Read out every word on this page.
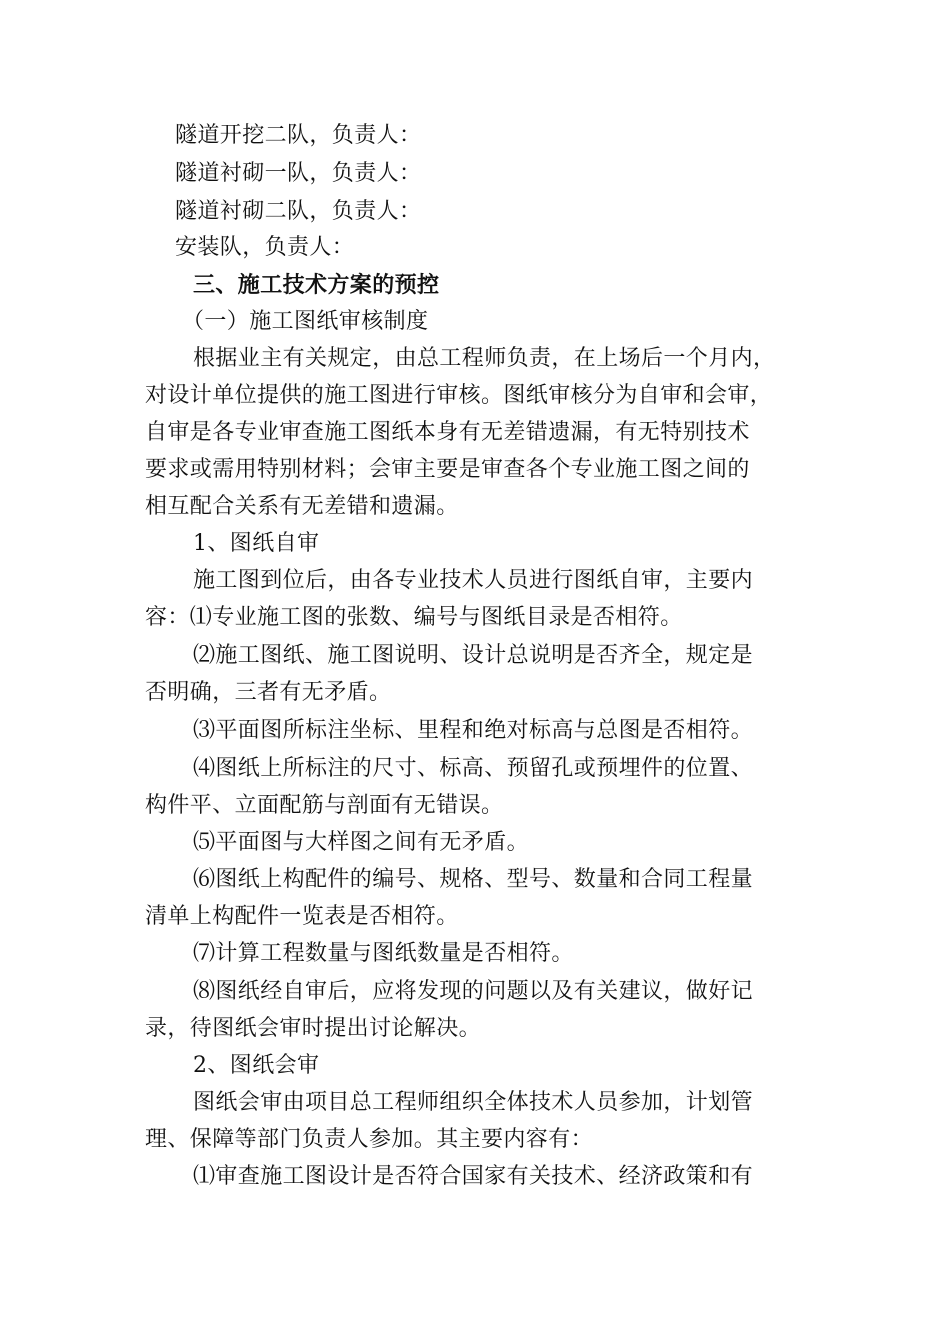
隧道开挖二队，负责人：
隧道衬砌一队，负责人：
隧道衬砌二队，负责人：
安装队，负责人：
三、施工技术方案的预控
（一）施工图纸审核制度
根据业主有关规定，由总工程师负责，在上场后一个月内，
对设计单位提供的施工图进行审核。图纸审核分为自审和会审，
自审是各专业审查施工图纸本身有无差错遗漏，有无特别技术
要求或需用特别材料；会审主要是审查各个专业施工图之间的
相互配合关系有无差错和遗漏。
1、图纸自审
施工图到位后，由各专业技术人员进行图纸自审，主要内
容：⑴专业施工图的张数、编号与图纸目录是否相符。
⑵施工图纸、施工图说明、设计总说明是否齐全，规定是
否明确，三者有无矛盾。
⑶平面图所标注坐标、里程和绝对标高与总图是否相符。
⑷图纸上所标注的尺寸、标高、预留孔或预埋件的位置、
构件平、立面配筋与剖面有无错误。
⑸平面图与大样图之间有无矛盾。
⑹图纸上构配件的编号、规格、型号、数量和合同工程量
清单上构配件一览表是否相符。
⑺计算工程数量与图纸数量是否相符。
⑻图纸经自审后，应将发现的问题以及有关建议，做好记
录，待图纸会审时提出讨论解决。
2、图纸会审
图纸会审由项目总工程师组织全体技术人员参加，计划管
理、保障等部门负责人参加。其主要内容有：
⑴审查施工图设计是否符合国家有关技术、经济政策和有
